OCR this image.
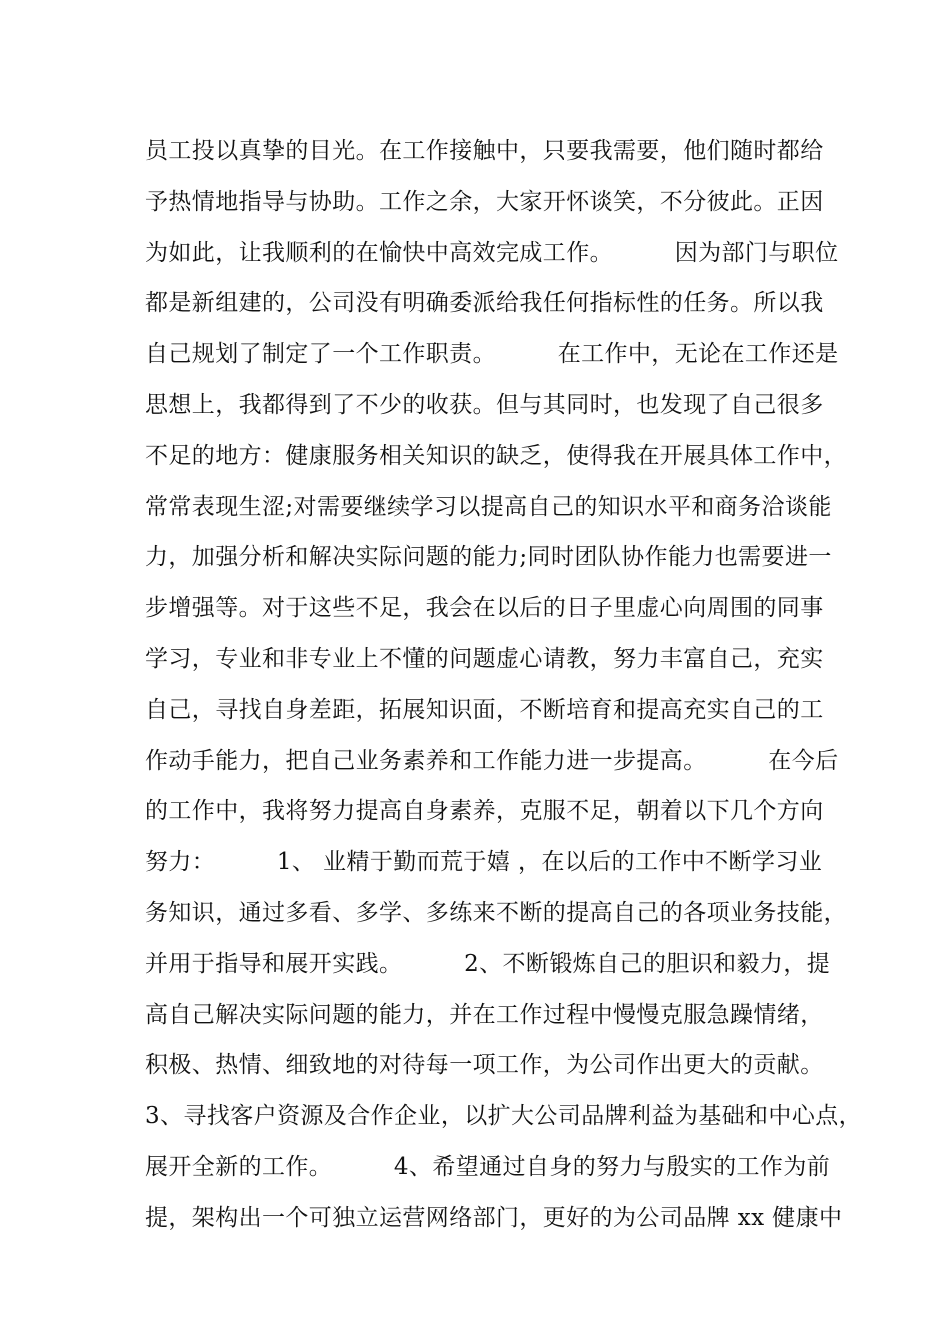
员工投以真挚的目光。在工作接触中，只要我需要，他们随时都给
予热情地指导与协助。工作之余，大家开怀谈笑，不分彼此。正因
为如此，让我顺利的在愉快中高效完成工作。        因为部门与职位
都是新组建的，公司没有明确委派给我任何指标性的任务。所以我
自己规划了制定了一个工作职责。        在工作中，无论在工作还是
思想上，我都得到了不少的收获。但与其同时，也发现了自己很多
不足的地方：健康服务相关知识的缺乏，使得我在开展具体工作中，
常常表现生涩;对需要继续学习以提高自己的知识水平和商务洽谈能
力，加强分析和解决实际问题的能力;同时团队协作能力也需要进一
步增强等。对于这些不足，我会在以后的日子里虚心向周围的同事
学习，专业和非专业上不懂的问题虚心请教，努力丰富自己，充实
自己，寻找自身差距，拓展知识面，不断培育和提高充实自己的工
作动手能力，把自己业务素养和工作能力进一步提高。        在今后
的工作中，我将努力提高自身素养，克服不足，朝着以下几个方向
努力：        1、 业精于勤而荒于嬉 ，在以后的工作中不断学习业
务知识，通过多看、多学、多练来不断的提高自己的各项业务技能，
并用于指导和展开实践。        2、不断锻炼自己的胆识和毅力，提
高自己解决实际问题的能力，并在工作过程中慢慢克服急躁情绪，
积极、热情、细致地的对待每一项工作，为公司作出更大的贡献。
3、寻找客户资源及合作企业，以扩大公司品牌利益为基础和中心点，
展开全新的工作。        4、希望通过自身的努力与殷实的工作为前
提，架构出一个可独立运营网络部门，更好的为公司品牌 xx 健康中
